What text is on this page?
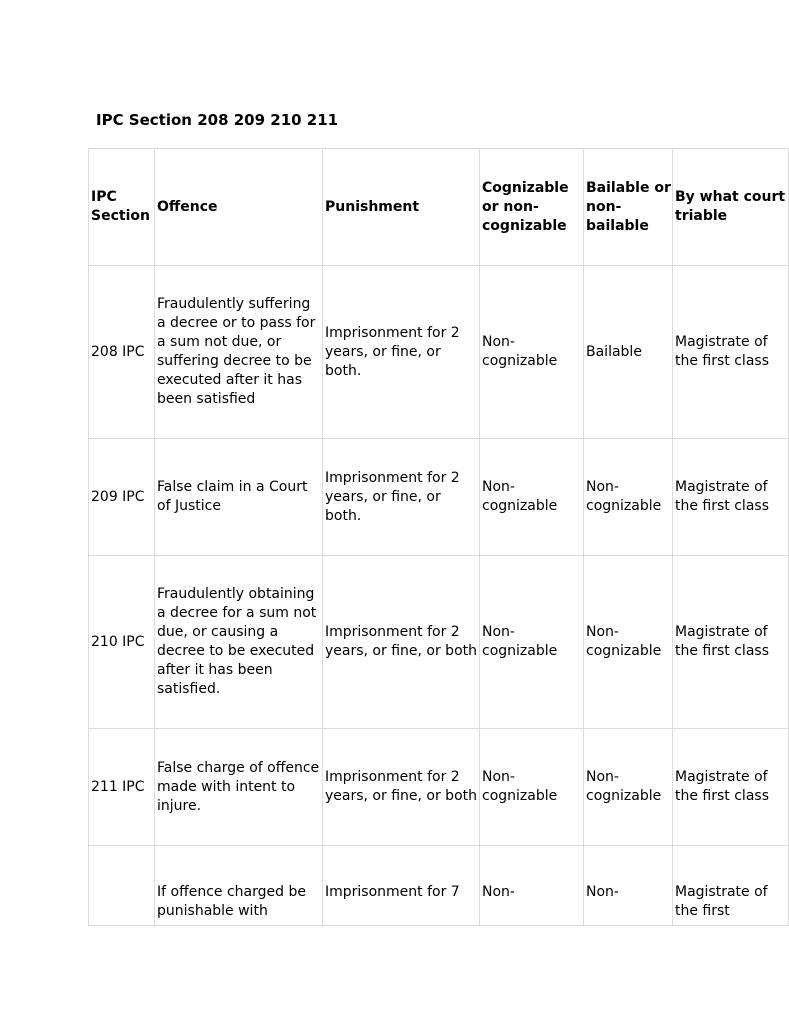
IPC Section 208 209 210 211
IPC Section	Offence	Punishment	Cognizable or non-cognizable	Bailable or non-bailable	By what court triable
208 IPC	Fraudulently suffering a decree or to pass for a sum not due, or suffering decree to be executed after it has been satisfied	Imprisonment for 2 years, or fine, or both.	Non-cognizable	Bailable	Magistrate of the first class
209 IPC	False claim in a Court of Justice	Imprisonment for 2 years, or fine, or both.	Non-cognizable	Non-cognizable	Magistrate of the first class
210 IPC	Fraudulently obtaining a decree for a sum not due, or causing a decree to be executed after it has been satisfied.	Imprisonment for 2 years, or fine, or both	Non-cognizable	Non-cognizable	Magistrate of the first class
211 IPC	False charge of offence made with intent to injure.	Imprisonment for 2 years, or fine, or both	Non-cognizable	Non-cognizable	Magistrate of the first class
	If offence charged be punishable with	Imprisonment for 7	Non-	Non-	Magistrate of the first
